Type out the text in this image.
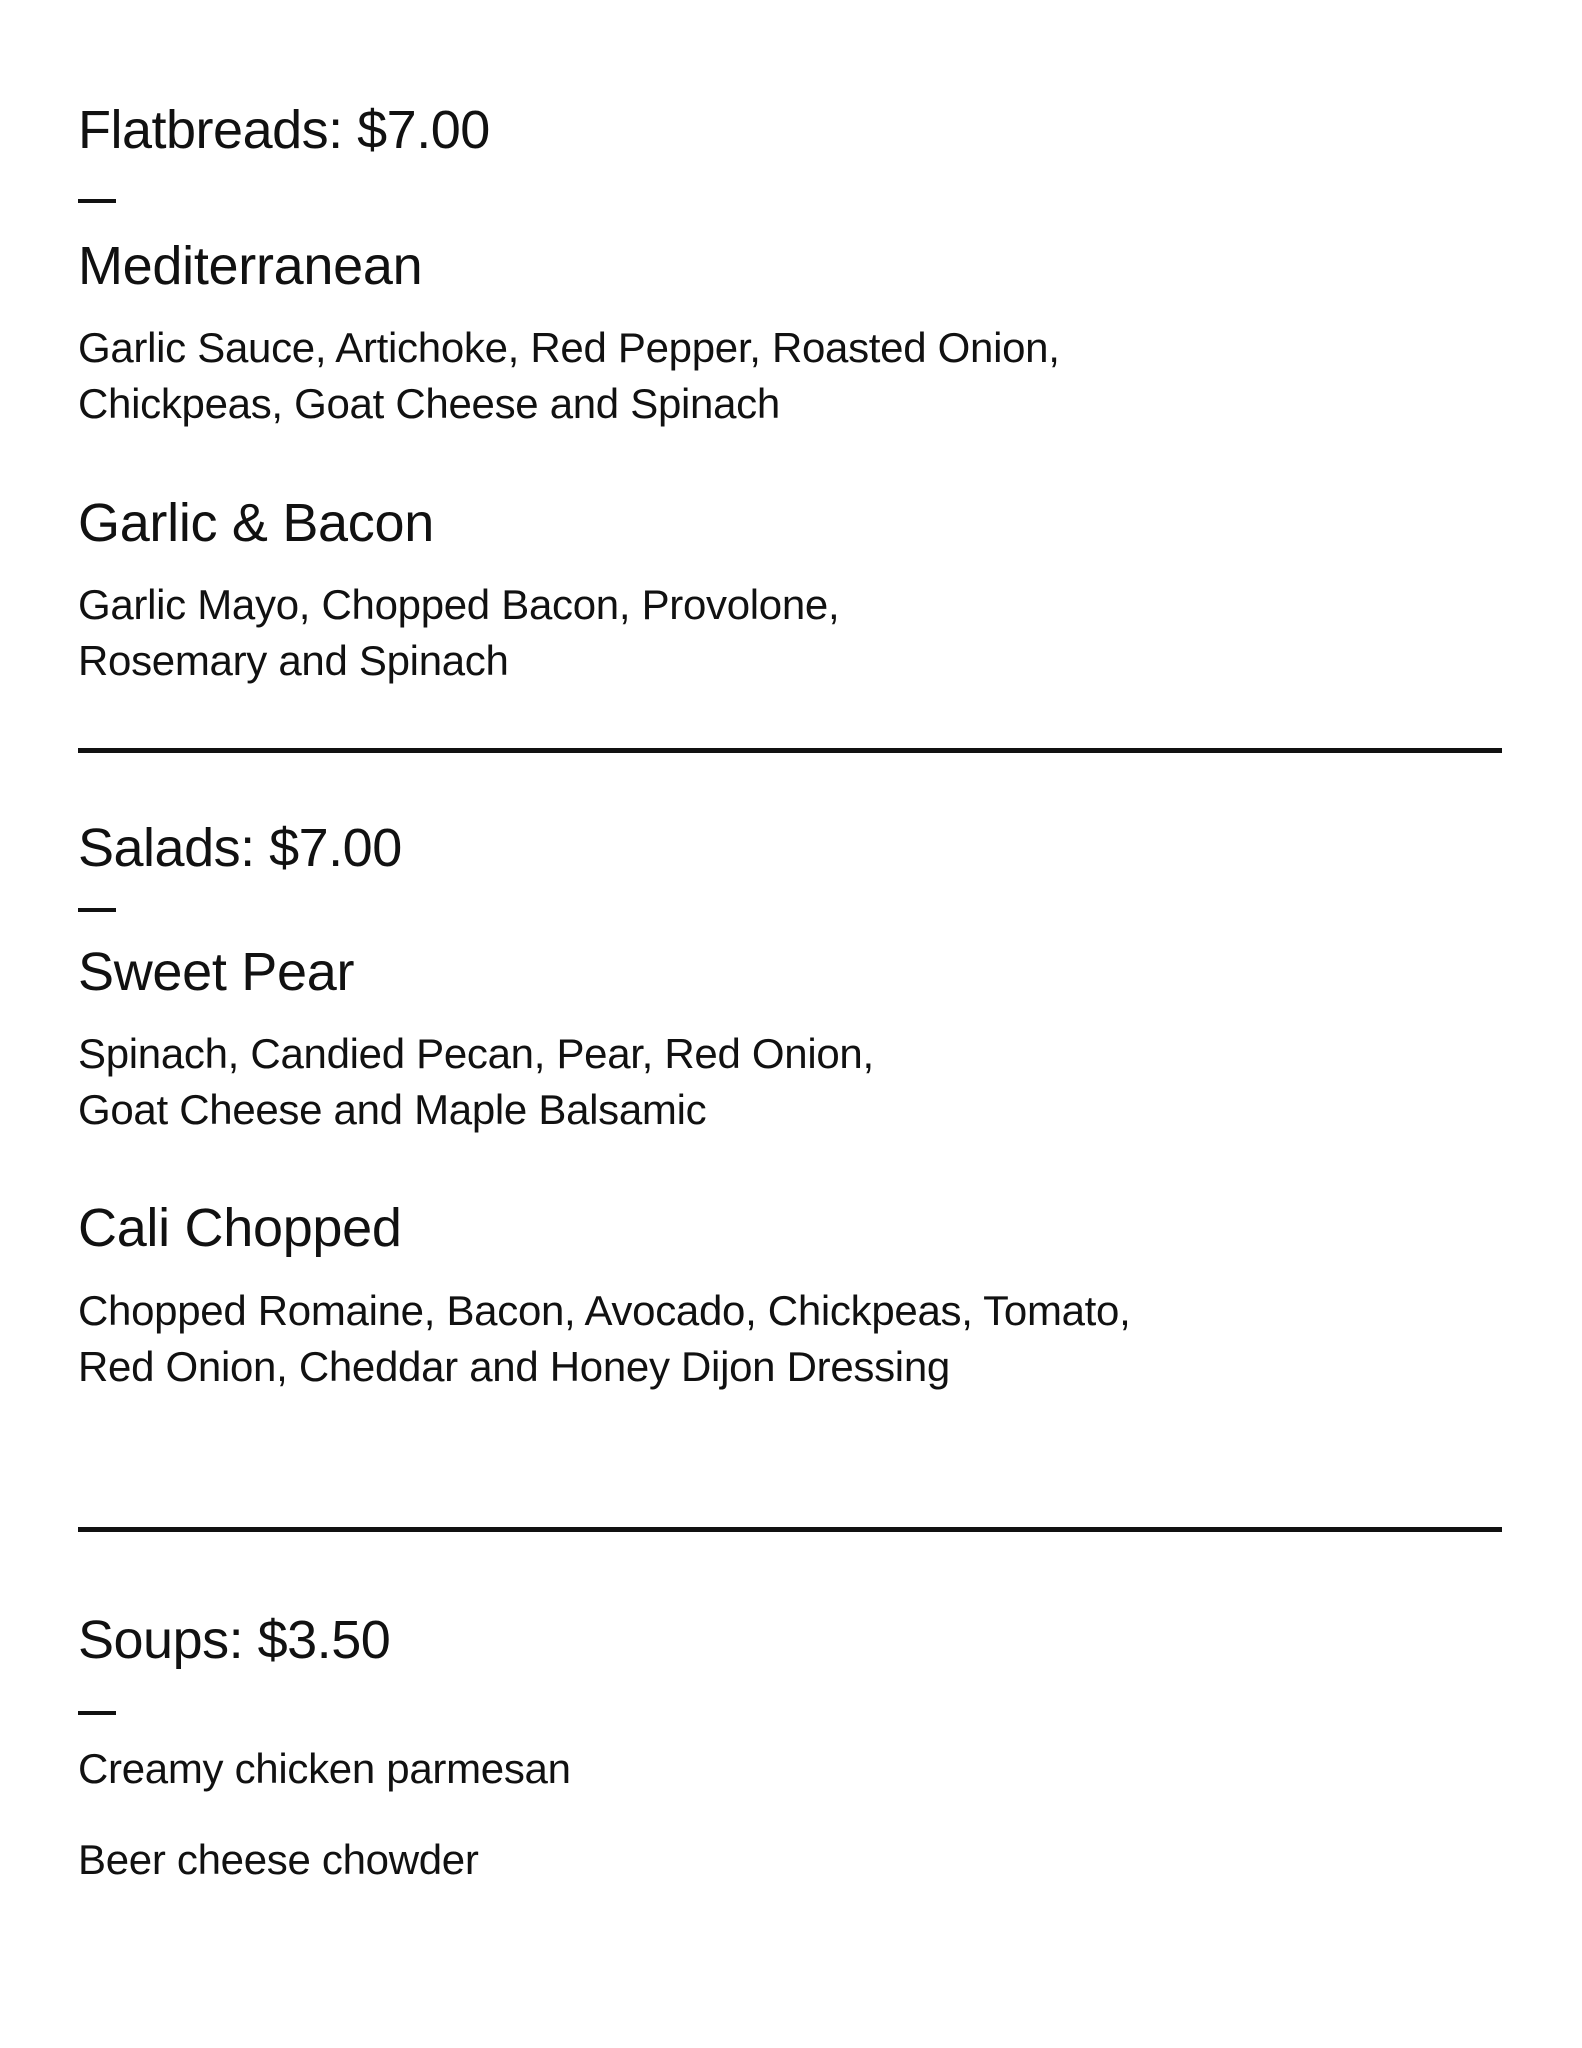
Flatbreads: $7.00
Mediterranean
Garlic Sauce, Artichoke, Red Pepper, Roasted Onion,
Chickpeas, Goat Cheese and Spinach
Garlic & Bacon
Garlic Mayo, Chopped Bacon, Provolone,
Rosemary and Spinach
Salads: $7.00
Sweet Pear
Spinach, Candied Pecan, Pear, Red Onion,
Goat Cheese and Maple Balsamic
Cali Chopped
Chopped Romaine, Bacon, Avocado, Chickpeas, Tomato,
Red Onion, Cheddar and Honey Dijon Dressing
Soups: $3.50
Creamy chicken parmesan
Beer cheese chowder
